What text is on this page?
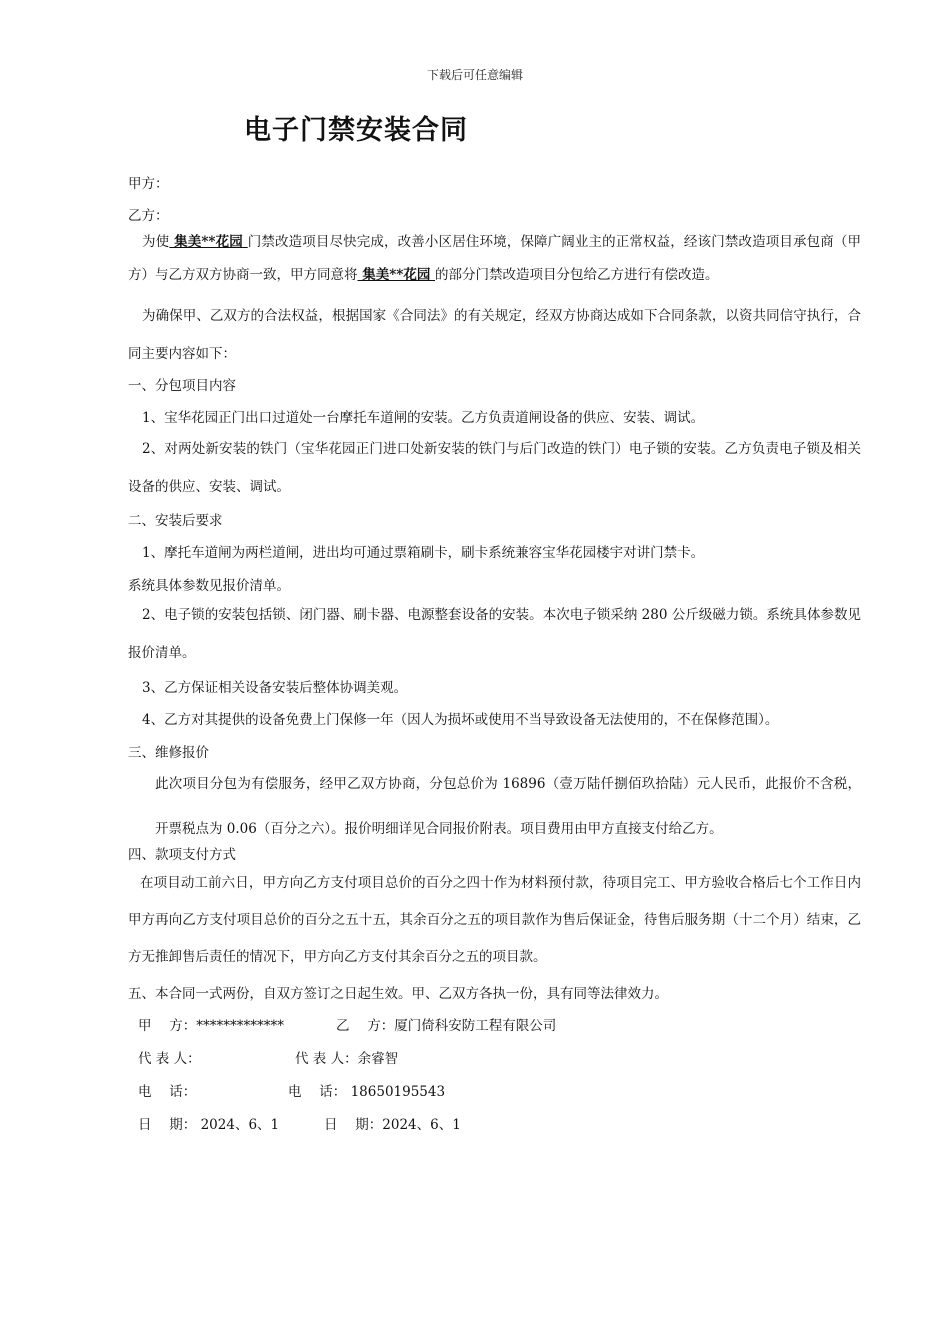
下载后可任意编辑
电子门禁安装合同
甲方：
乙方：
为使 集美**花园 门禁改造项目尽快完成，改善小区居住环境，保障广阔业主的正常权益，经该门禁改造项目承包商（甲方）与乙方双方协商一致，甲方同意将 集美**花园 的部分门禁改造项目分包给乙方进行有偿改造。
为确保甲、乙双方的合法权益，根据国家《合同法》的有关规定，经双方协商达成如下合同条款，以资共同信守执行，合同主要内容如下：
一、分包项目内容
1、宝华花园正门出口过道处一台摩托车道闸的安装。乙方负责道闸设备的供应、安装、调试。
2、对两处新安装的铁门（宝华花园正门进口处新安装的铁门与后门改造的铁门）电子锁的安装。乙方负责电子锁及相关设备的供应、安装、调试。
二、安装后要求
1、摩托车道闸为两栏道闸，进出均可通过票箱刷卡，刷卡系统兼容宝华花园楼宇对讲门禁卡。
系统具体参数见报价清单。
2、电子锁的安装包括锁、闭门器、刷卡器、电源整套设备的安装。本次电子锁采纳 280 公斤级磁力锁。系统具体参数见报价清单。
3、乙方保证相关设备安装后整体协调美观。
4、乙方对其提供的设备免费上门保修一年（因人为损坏或使用不当导致设备无法使用的，不在保修范围）。
三、维修报价
此次项目分包为有偿服务，经甲乙双方协商，分包总价为 16896（壹万陆仟捌佰玖拾陆）元人民币，此报价不含税，开票税点为 0.06（百分之六）。报价明细详见合同报价附表。项目费用由甲方直接支付给乙方。
四、款项支付方式
在项目动工前六日，甲方向乙方支付项目总价的百分之四十作为材料预付款，待项目完工、甲方验收合格后七个工作日内甲方再向乙方支付项目总价的百分之五十五，其余百分之五的项目款作为售后保证金，待售后服务期（十二个月）结束，乙方无推卸售后责任的情况下，甲方向乙方支付其余百分之五的项目款。
五、本合同一式两份，自双方签订之日起生效。甲、乙双方各执一份，具有同等法律效力。
甲　 方：*************	乙　 方：厦门倚科安防工程有限公司
代 表 人：	代 表 人：余睿智
电　 话：	电　 话： 18650195543
日　 期： 2024、6、1	日　 期：2024、6、1
